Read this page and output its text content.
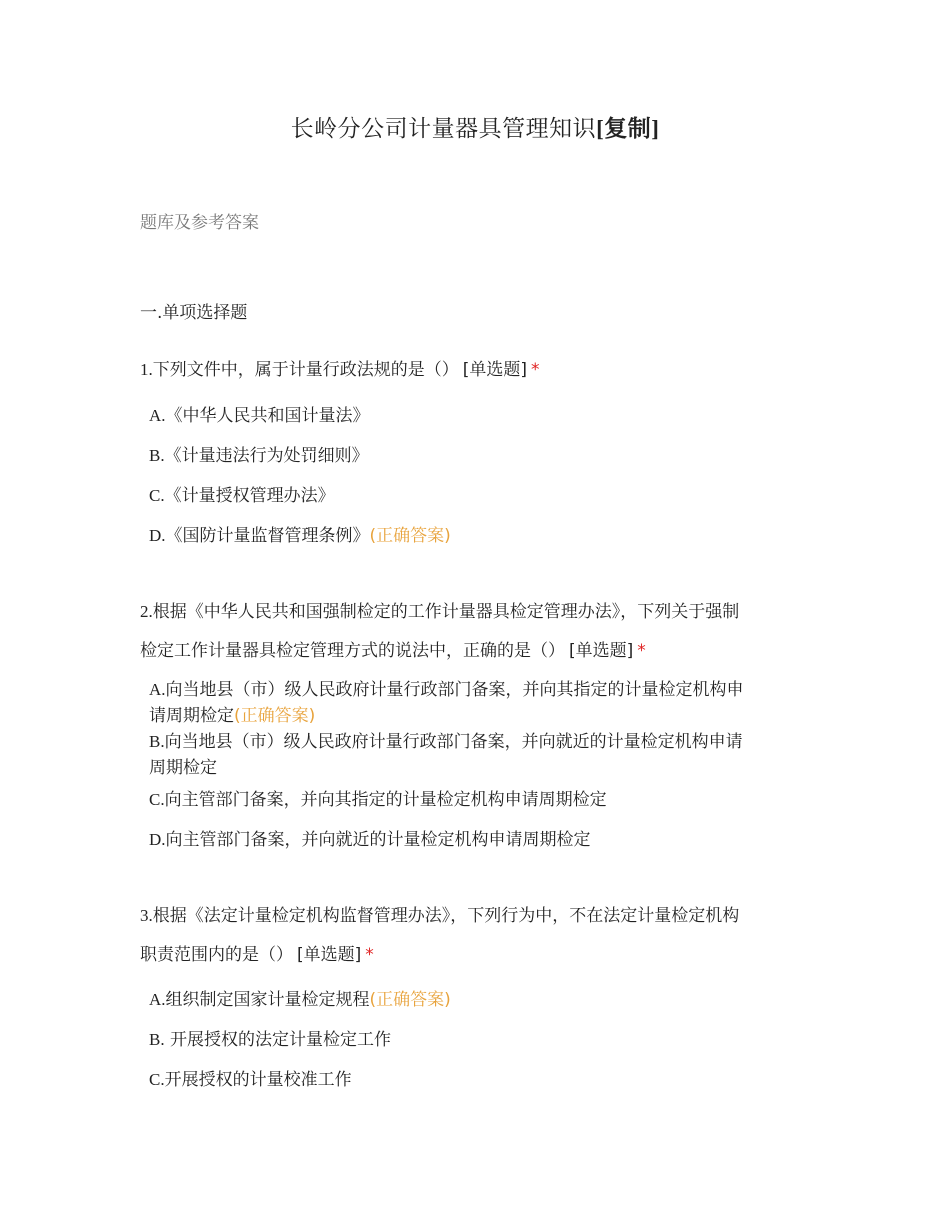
长岭分公司计量器具管理知识[复制]
题库及参考答案
一.单项选择题
1.下列文件中，属于计量行政法规的是（） [单选题] *
A.《中华人民共和国计量法》
B.《计量违法行为处罚细则》
C.《计量授权管理办法》
D.《国防计量监督管理条例》(正确答案)
2.根据《中华人民共和国强制检定的工作计量器具检定管理办法》，下列关于强制
检定工作计量器具检定管理方式的说法中，正确的是（） [单选题] *
A.向当地县（市）级人民政府计量行政部门备案，并向其指定的计量检定机构申
请周期检定(正确答案)
B.向当地县（市）级人民政府计量行政部门备案，并向就近的计量检定机构申请
周期检定
C.向主管部门备案，并向其指定的计量检定机构申请周期检定
D.向主管部门备案，并向就近的计量检定机构申请周期检定
3.根据《法定计量检定机构监督管理办法》，下列行为中，不在法定计量检定机构
职责范围内的是（） [单选题] *
A.组织制定国家计量检定规程(正确答案)
B. 开展授权的法定计量检定工作
C.开展授权的计量校准工作
